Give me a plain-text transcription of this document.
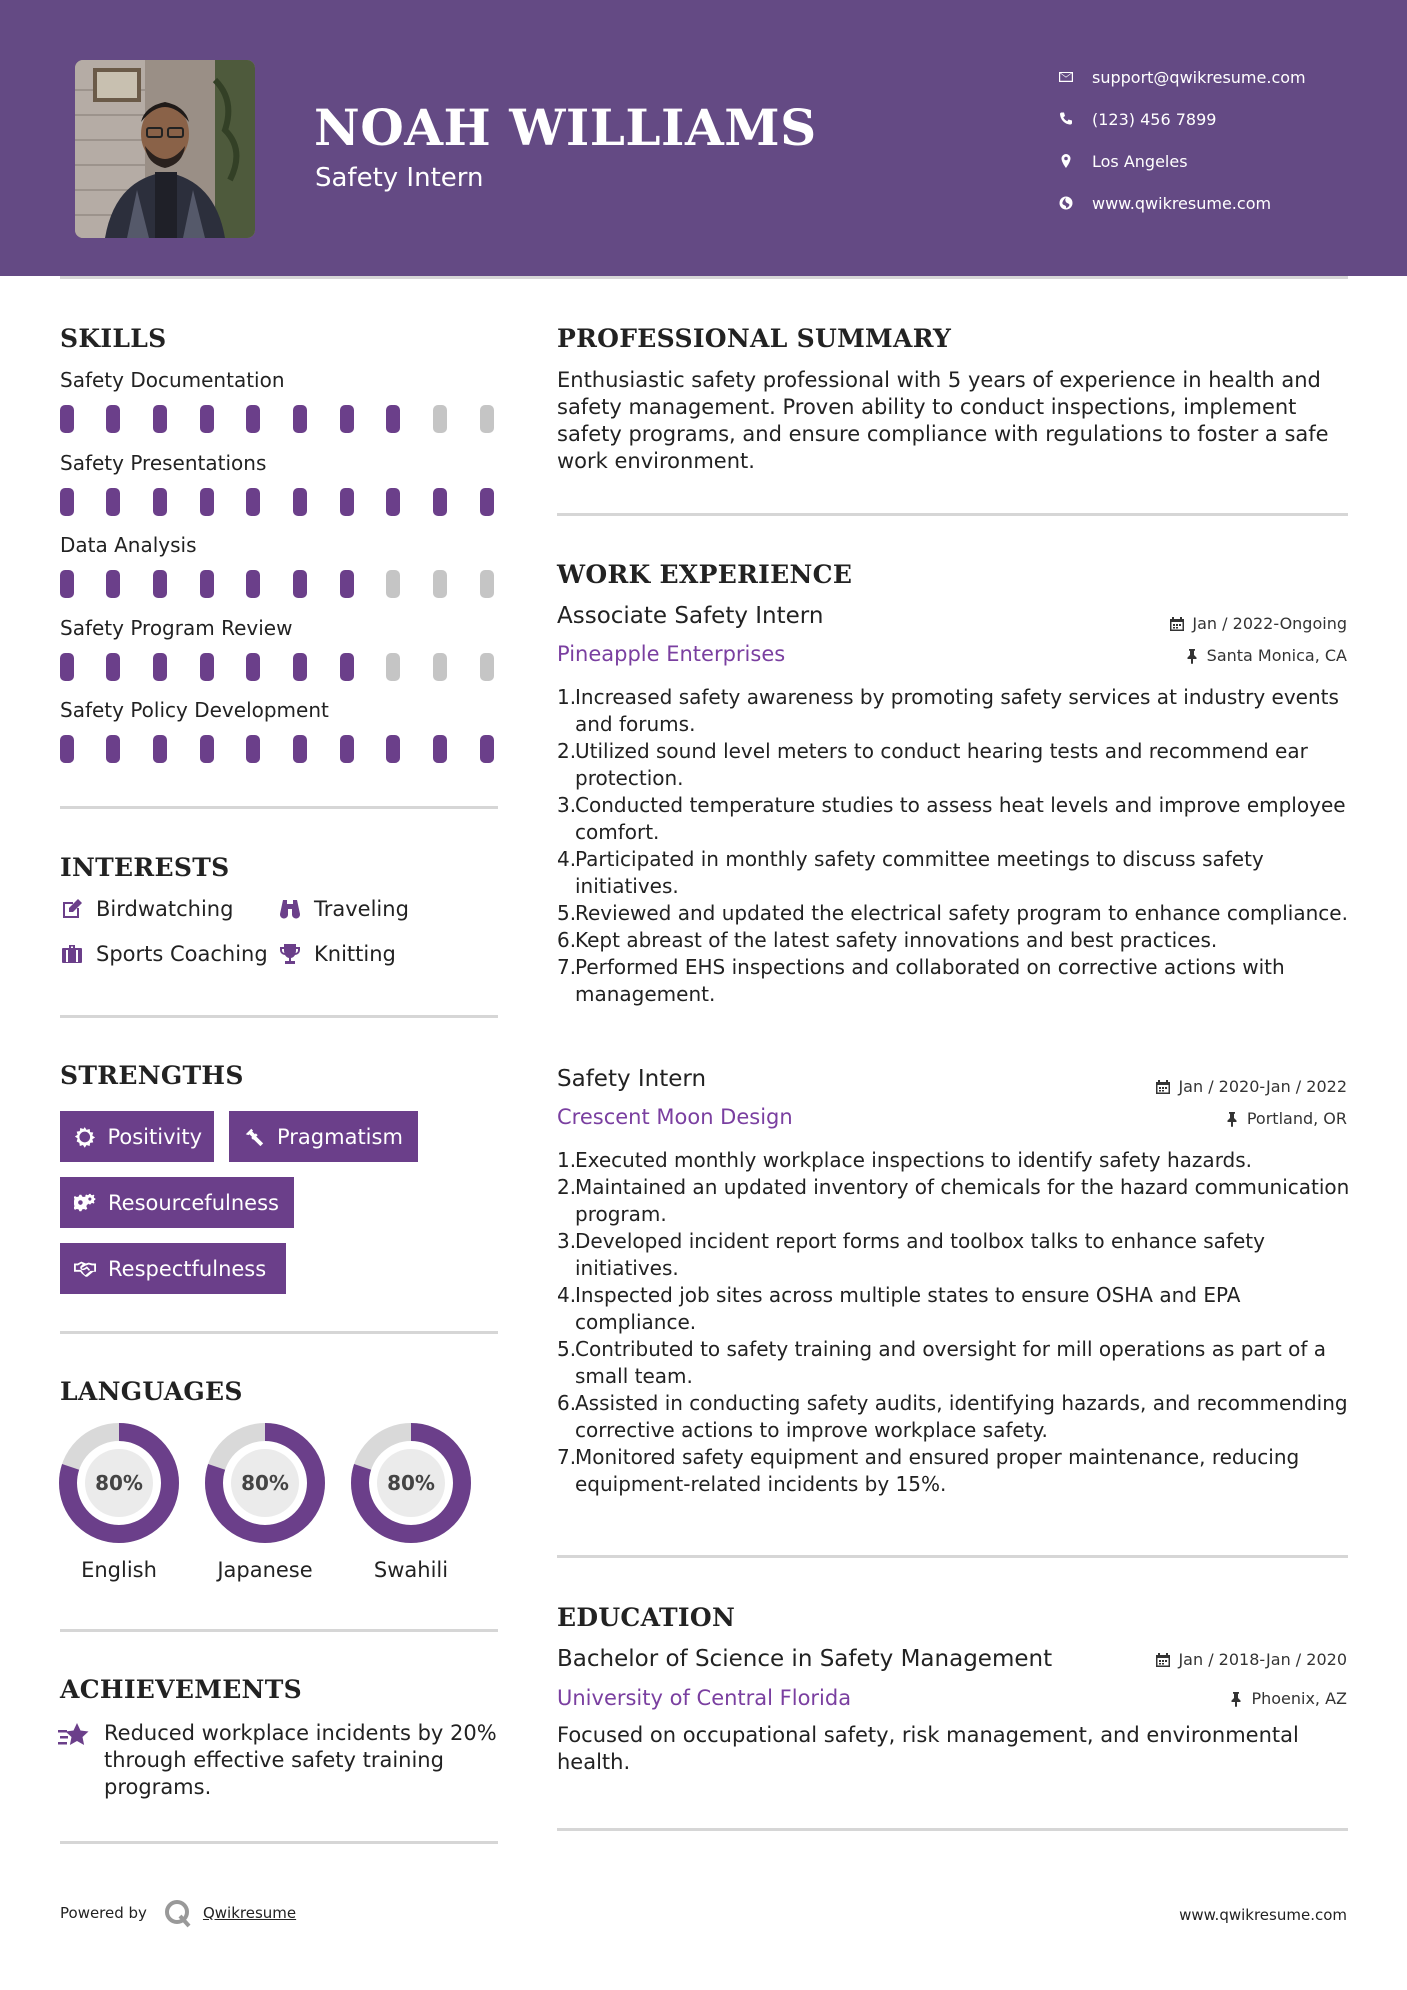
NOAH WILLIAMS
Safety Intern
support@qwikresume.com
(123) 456 7899
Los Angeles
www.qwikresume.com
SKILLS
Safety Documentation
Safety Presentations
Data Analysis
Safety Program Review
Safety Policy Development
INTERESTS
Birdwatching	Traveling
Sports Coaching Knitting
STRENGTHS
Positivity	Pragmatism
Resourcefulness
Respectfulness
LANGUAGES
80%
English
80%
Japanese
80%
Swahili
ACHIEVEMENTS
Reduced workplace incidents by 20% through effective safety training programs.
PROFESSIONAL SUMMARY
Enthusiastic safety professional with 5 years of experience in health and safety management. Proven ability to conduct inspections, implement safety programs, and ensure compliance with regulations to foster a safe work environment.
WORK EXPERIENCE
Associate Safety Intern	Jan / 2022-Ongoing
Pineapple Enterprises	Santa Monica, CA
1.
Increased safety awareness by promoting safety services at industry events and forums.
2.
Utilized sound level meters to conduct hearing tests and recommend ear protection.
3.
Conducted temperature studies to assess heat levels and improve employee comfort.
4.
Participated in monthly safety committee meetings to discuss safety initiatives.
5.
Reviewed and updated the electrical safety program to enhance compliance.
6.
Kept abreast of the latest safety innovations and best practices.
7.
Performed EHS inspections and collaborated on corrective actions with management.
Safety Intern	Jan / 2020-Jan / 2022
Crescent Moon Design	Portland, OR
1.
Executed monthly workplace inspections to identify safety hazards.
2.
Maintained an updated inventory of chemicals for the hazard communication program.
3.
Developed incident report forms and toolbox talks to enhance safety initiatives.
4.
Inspected job sites across multiple states to ensure OSHA and EPA compliance.
5.
Contributed to safety training and oversight for mill operations as part of a small team.
6.
Assisted in conducting safety audits, identifying hazards, and recommending corrective actions to improve workplace safety.
7.
Monitored safety equipment and ensured proper maintenance, reducing equipment-related incidents by 15%.
EDUCATION
Bachelor of Science in Safety Management	Jan / 2018-Jan / 2020
University of Central Florida	Phoenix, AZ
Focused on occupational safety, risk management, and environmental health.
Powered by	Qwikresume	www.qwikresume.com
